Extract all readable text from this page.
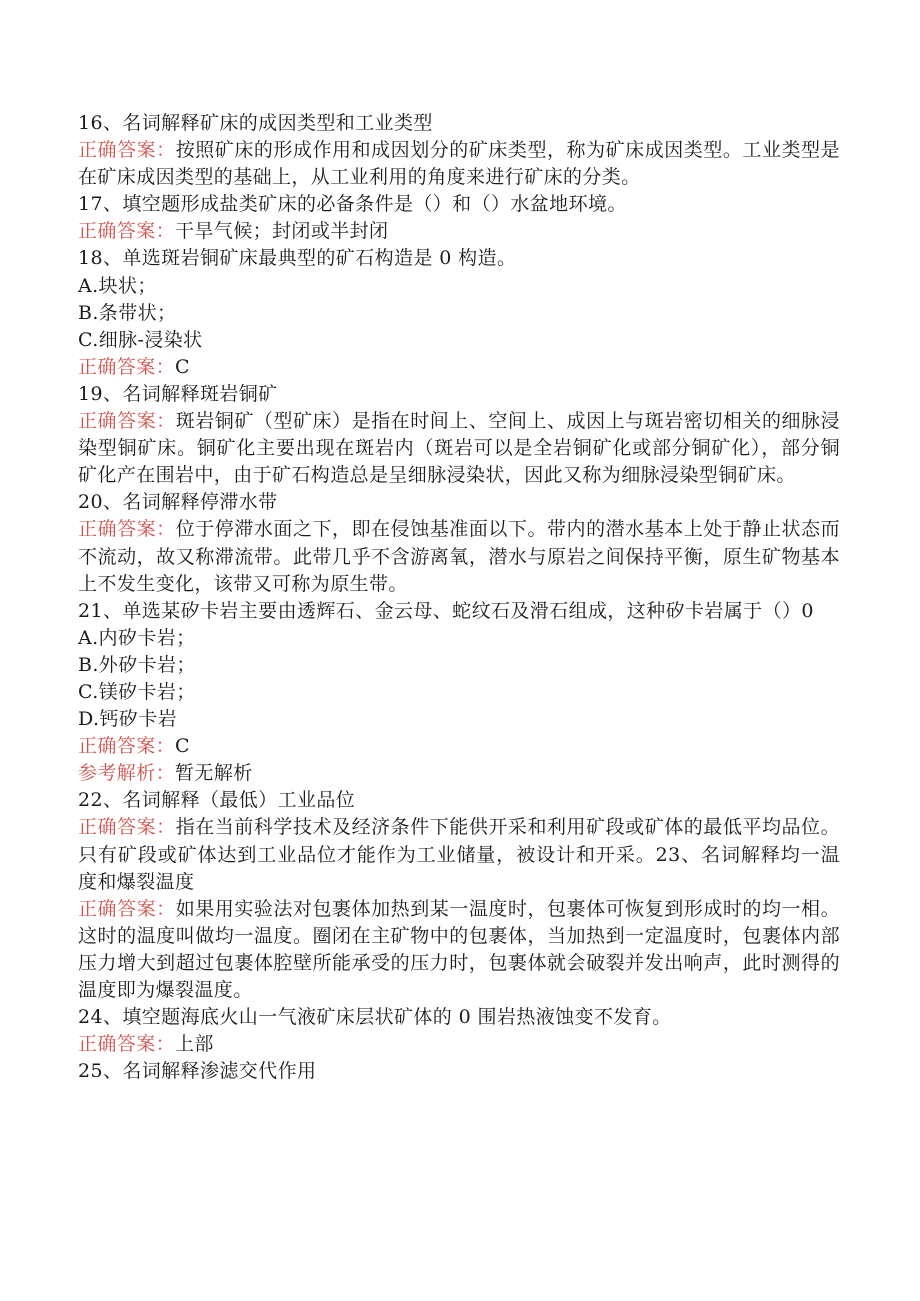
16、名词解释矿床的成因类型和工业类型
正确答案：按照矿床的形成作用和成因划分的矿床类型，称为矿床成因类型。工业类型是在矿床成因类型的基础上，从工业利用的角度来进行矿床的分类。
17、填空题形成盐类矿床的必备条件是（）和（）水盆地环境。
正确答案：干旱气候；封闭或半封闭
18、单选斑岩铜矿床最典型的矿石构造是 0 构造。
A.块状；
B.条带状；
C.细脉-浸染状
正确答案：C
19、名词解释斑岩铜矿
正确答案：斑岩铜矿（型矿床）是指在时间上、空间上、成因上与斑岩密切相关的细脉浸染型铜矿床。铜矿化主要出现在斑岩内（斑岩可以是全岩铜矿化或部分铜矿化），部分铜矿化产在围岩中，由于矿石构造总是呈细脉浸染状，因此又称为细脉浸染型铜矿床。
20、名词解释停滞水带
正确答案：位于停滞水面之下，即在侵蚀基准面以下。带内的潜水基本上处于静止状态而不流动，故又称滞流带。此带几乎不含游离氧，潜水与原岩之间保持平衡，原生矿物基本上不发生变化，该带又可称为原生带。
21、单选某矽卡岩主要由透辉石、金云母、蛇纹石及滑石组成，这种矽卡岩属于（）0
A.内矽卡岩；
B.外矽卡岩；
C.镁矽卡岩；
D.钙矽卡岩
正确答案：C
参考解析：暂无解析
22、名词解释（最低）工业品位
正确答案：指在当前科学技术及经济条件下能供开采和利用矿段或矿体的最低平均品位。只有矿段或矿体达到工业品位才能作为工业储量，被设计和开采。23、名词解释均一温度和爆裂温度
正确答案：如果用实验法对包裹体加热到某一温度时，包裹体可恢复到形成时的均一相。这时的温度叫做均一温度。圈闭在主矿物中的包裹体，当加热到一定温度时，包裹体内部压力增大到超过包裹体腔壁所能承受的压力时，包裹体就会破裂并发出响声，此时测得的温度即为爆裂温度。
24、填空题海底火山一气液矿床层状矿体的 0 围岩热液蚀变不发育。
正确答案：上部
25、名词解释渗滤交代作用
